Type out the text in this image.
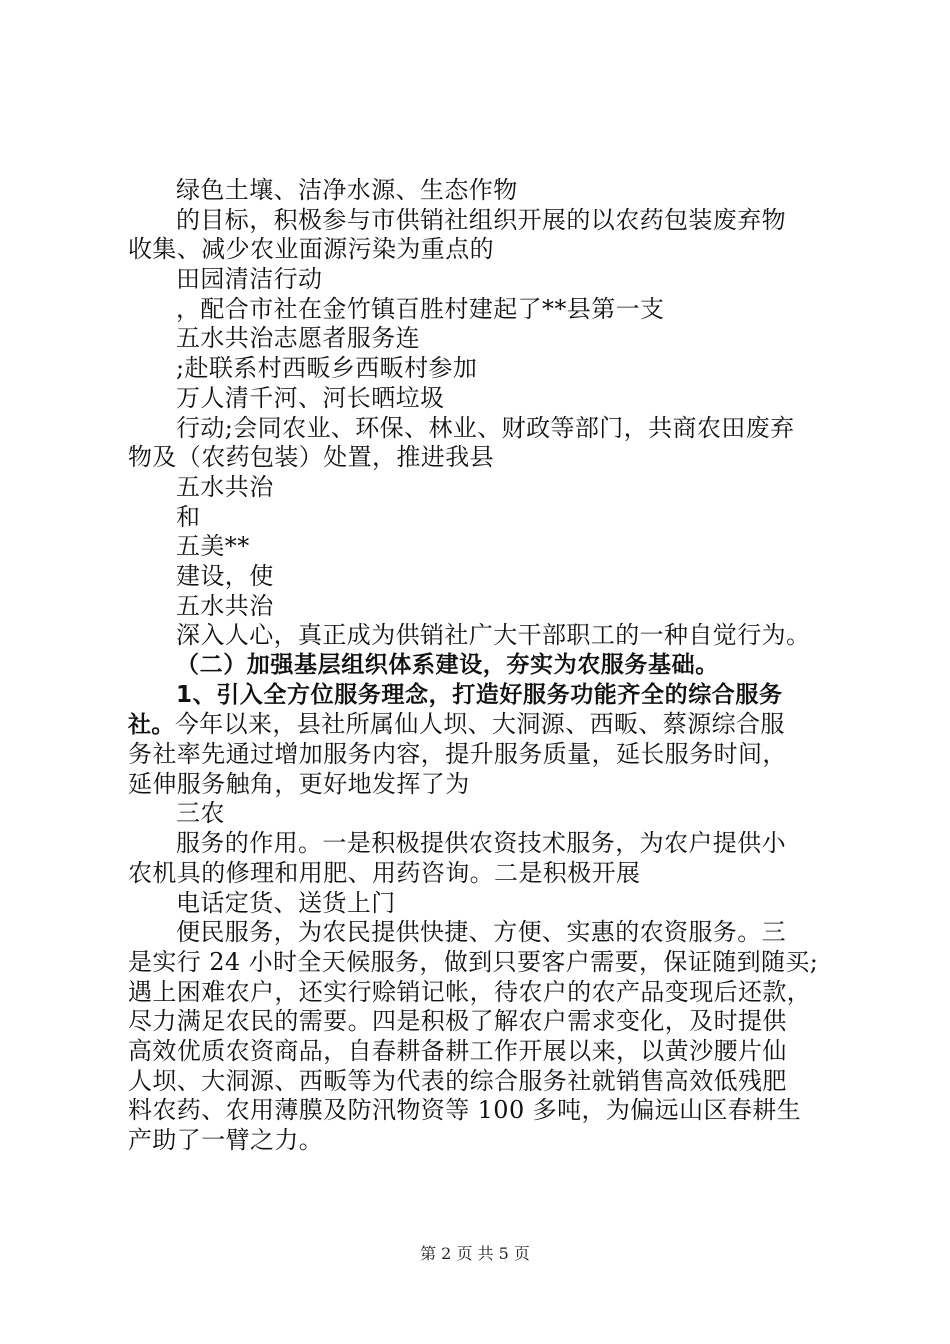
绿色土壤、洁净水源、生态作物
的目标，积极参与市供销社组织开展的以农药包装废弃物
收集、减少农业面源污染为重点的
田园清洁行动
，配合市社在金竹镇百胜村建起了**县第一支
五水共治志愿者服务连
;赴联系村西畈乡西畈村参加
万人清千河、河长晒垃圾
行动;会同农业、环保、林业、财政等部门，共商农田废弃
物及（农药包装）处置，推进我县
五水共治
和
五美**
建设，使
五水共治
深入人心，真正成为供销社广大干部职工的一种自觉行为。
（二）加强基层组织体系建设，夯实为农服务基础。
1、引入全方位服务理念，打造好服务功能齐全的综合服务
社。今年以来，县社所属仙人坝、大洞源、西畈、蔡源综合服
务社率先通过增加服务内容，提升服务质量，延长服务时间，
延伸服务触角，更好地发挥了为
三农
服务的作用。一是积极提供农资技术服务，为农户提供小
农机具的修理和用肥、用药咨询。二是积极开展
电话定货、送货上门
便民服务，为农民提供快捷、方便、实惠的农资服务。三
是实行 24 小时全天候服务，做到只要客户需要，保证随到随买;
遇上困难农户，还实行赊销记帐，待农户的农产品变现后还款，
尽力满足农民的需要。四是积极了解农户需求变化，及时提供
高效优质农资商品，自春耕备耕工作开展以来，以黄沙腰片仙
人坝、大洞源、西畈等为代表的综合服务社就销售高效低残肥
料农药、农用薄膜及防汛物资等 100 多吨，为偏远山区春耕生
产助了一臂之力。
第 2 页 共 5 页
